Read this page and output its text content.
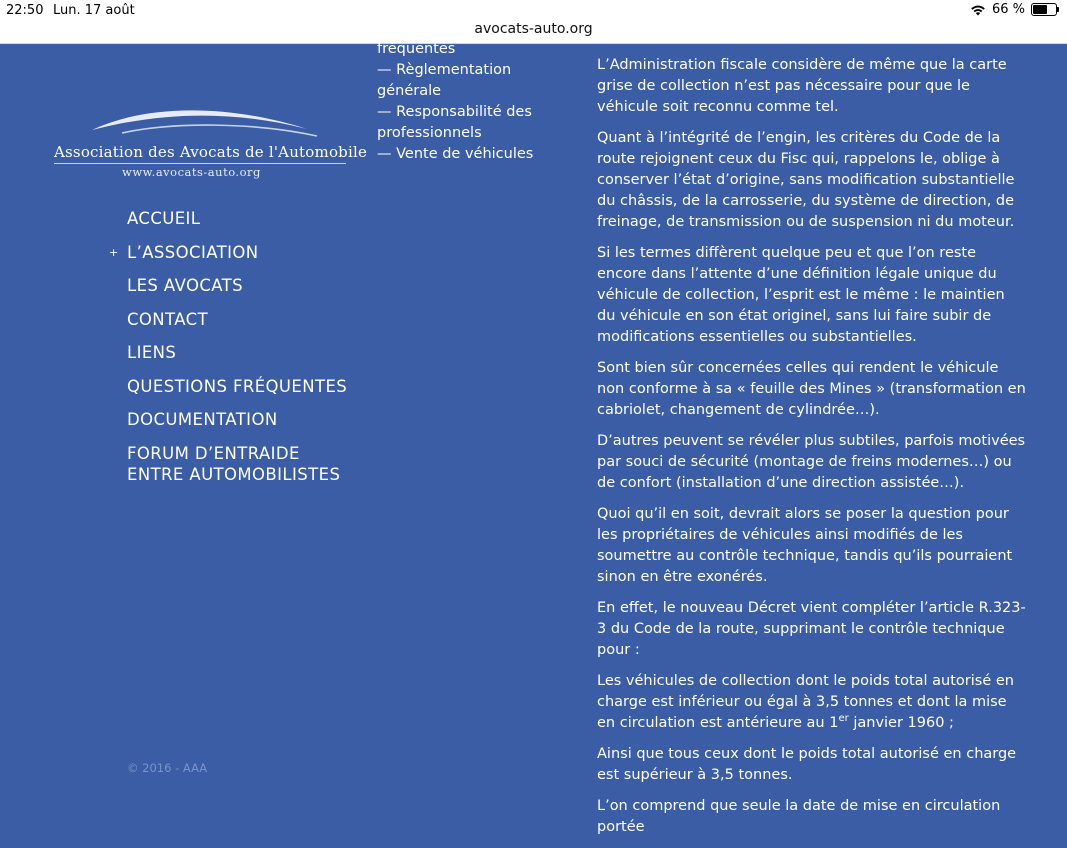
22:50 Lun. 17 août	66 %
avocats-auto.org
Association des Avocats de l'Automobile
www.avocats-auto.org
fréquentes
— Règlementation générale
— Responsabilité des professionnels
— Vente de véhicules
ACCUEIL
+ L’ASSOCIATION
LES AVOCATS
CONTACT
LIENS
QUESTIONS FRÉQUENTES
DOCUMENTATION
FORUM D’ENTRAIDE ENTRE AUTOMOBILISTES
© 2016 - AAA

L’Administration fiscale considère de même que la carte grise de collection n’est pas nécessaire pour que le véhicule soit reconnu comme tel.

Quant à l’intégrité de l’engin, les critères du Code de la route rejoignent ceux du Fisc qui, rappelons le, oblige à conserver l’état d’origine, sans modification substantielle du châssis, de la carrosserie, du système de direction, de freinage, de transmission ou de suspension ni du moteur.

Si les termes diffèrent quelque peu et que l’on reste encore dans l’attente d’une définition légale unique du véhicule de collection, l’esprit est le même : le maintien du véhicule en son état originel, sans lui faire subir de modifications essentielles ou substantielles.

Sont bien sûr concernées celles qui rendent le véhicule non conforme à sa « feuille des Mines » (transformation en cabriolet, changement de cylindrée…).

D’autres peuvent se révéler plus subtiles, parfois motivées par souci de sécurité (montage de freins modernes…) ou de confort (installation d’une direction assistée…).

Quoi qu’il en soit, devrait alors se poser la question pour les propriétaires de véhicules ainsi modifiés de les soumettre au contrôle technique, tandis qu’ils pourraient sinon en être exonérés.

En effet, le nouveau Décret vient compléter l’article R.323-3 du Code de la route, supprimant le contrôle technique pour :

Les véhicules de collection dont le poids total autorisé en charge est inférieur ou égal à 3,5 tonnes et dont la mise en circulation est antérieure au 1er janvier 1960 ;

Ainsi que tous ceux dont le poids total autorisé en charge est supérieur à 3,5 tonnes.

L’on comprend que seule la date de mise en circulation portée
